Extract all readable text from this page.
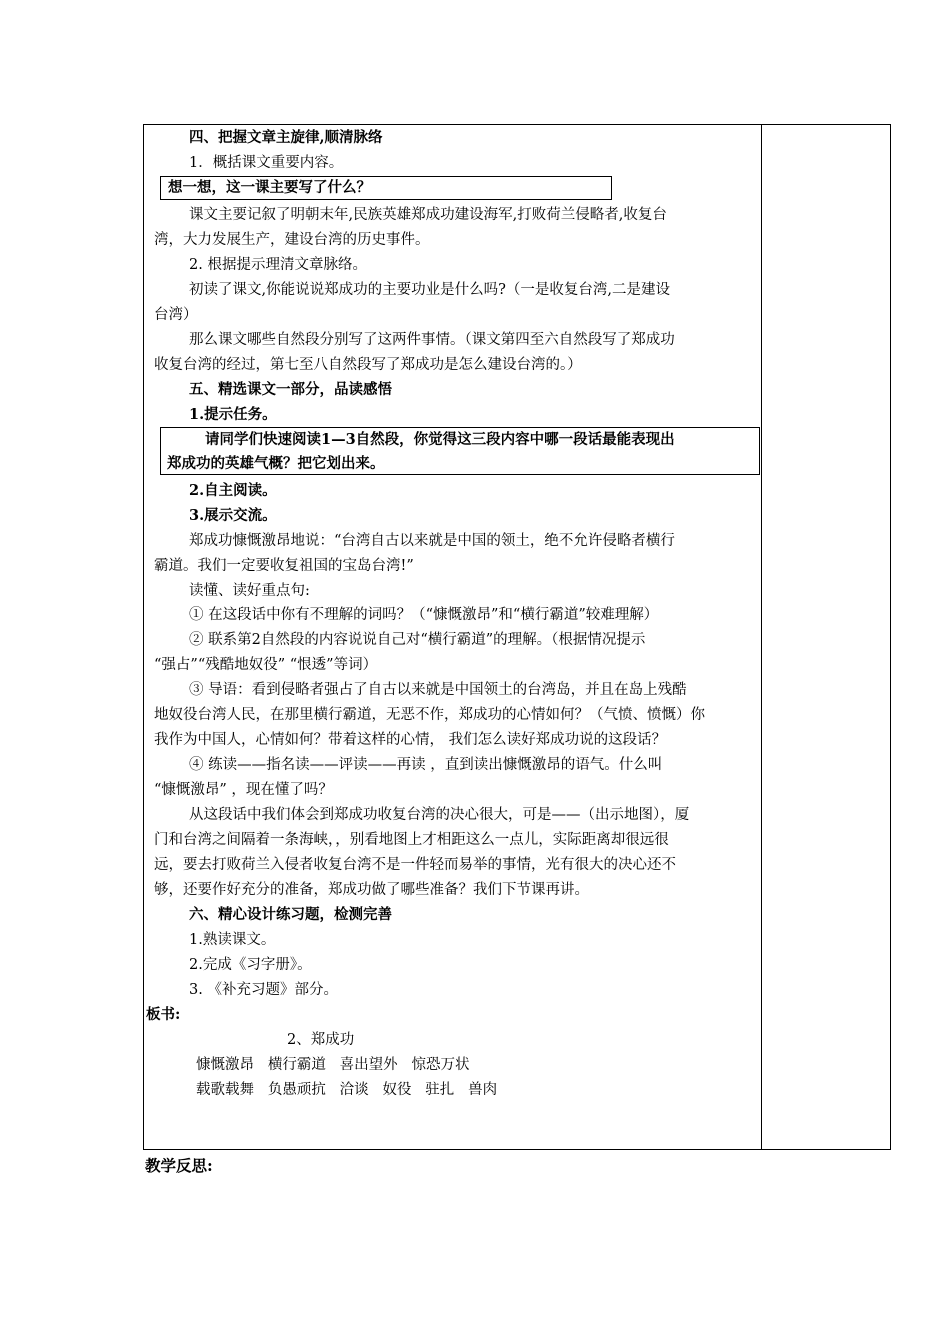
四、把握文章主旋律,顺清脉络
1．概括课文重要内容。
想一想，这一课主要写了什么？
课文主要记叙了明朝末年,民族英雄郑成功建设海军,打败荷兰侵略者,收复台
湾，大力发展生产，建设台湾的历史事件。
2. 根据提示理清文章脉络。
初读了课文,你能说说郑成功的主要功业是什么吗?（一是收复台湾,二是建设
台湾）
那么课文哪些自然段分别写了这两件事情。（课文第四至六自然段写了郑成功
收复台湾的经过，第七至八自然段写了郑成功是怎么建设台湾的。）
五、精选课文一部分，品读感悟
1.提示任务。
请同学们快速阅读1—3自然段，你觉得这三段内容中哪一段话最能表现出
郑成功的英雄气概？把它划出来。
2.自主阅读。
3.展示交流。
郑成功慷慨激昂地说：“台湾自古以来就是中国的领土，绝不允许侵略者横行
霸道。我们一定要收复祖国的宝岛台湾!”
读懂、读好重点句:
① 在这段话中你有不理解的词吗？（“慷慨激昂”和“横行霸道”较难理解）
② 联系第2自然段的内容说说自己对“横行霸道”的理解。（根据情况提示
“强占”“残酷地奴役” “恨透”等词）
③ 导语：看到侵略者强占了自古以来就是中国领土的台湾岛，并且在岛上残酷
地奴役台湾人民，在那里横行霸道，无恶不作，郑成功的心情如何？（气愤、愤慨）你
我作为中国人，心情如何？带着这样的心情， 我们怎么读好郑成功说的这段话？
④ 练读——指名读——评读——再读 ，直到读出慷慨激昂的语气。什么叫
“慷慨激昂” ，现在懂了吗？
从这段话中我们体会到郑成功收复台湾的决心很大，可是——（出示地图），厦
门和台湾之间隔着一条海峡，，别看地图上才相距这么一点儿，实际距离却很远很
远，要去打败荷兰入侵者收复台湾不是一件轻而易举的事情，光有很大的决心还不
够，还要作好充分的准备，郑成功做了哪些准备？我们下节课再讲。
六、精心设计练习题，检测完善
1.熟读课文。
2.完成《习字册》。
3. 《补充习题》部分。
板书:
2、郑成功
慷慨激昂   横行霸道   喜出望外   惊恐万状
载歌载舞   负愚顽抗   洽谈   奴役   驻扎   兽肉
教学反思:
